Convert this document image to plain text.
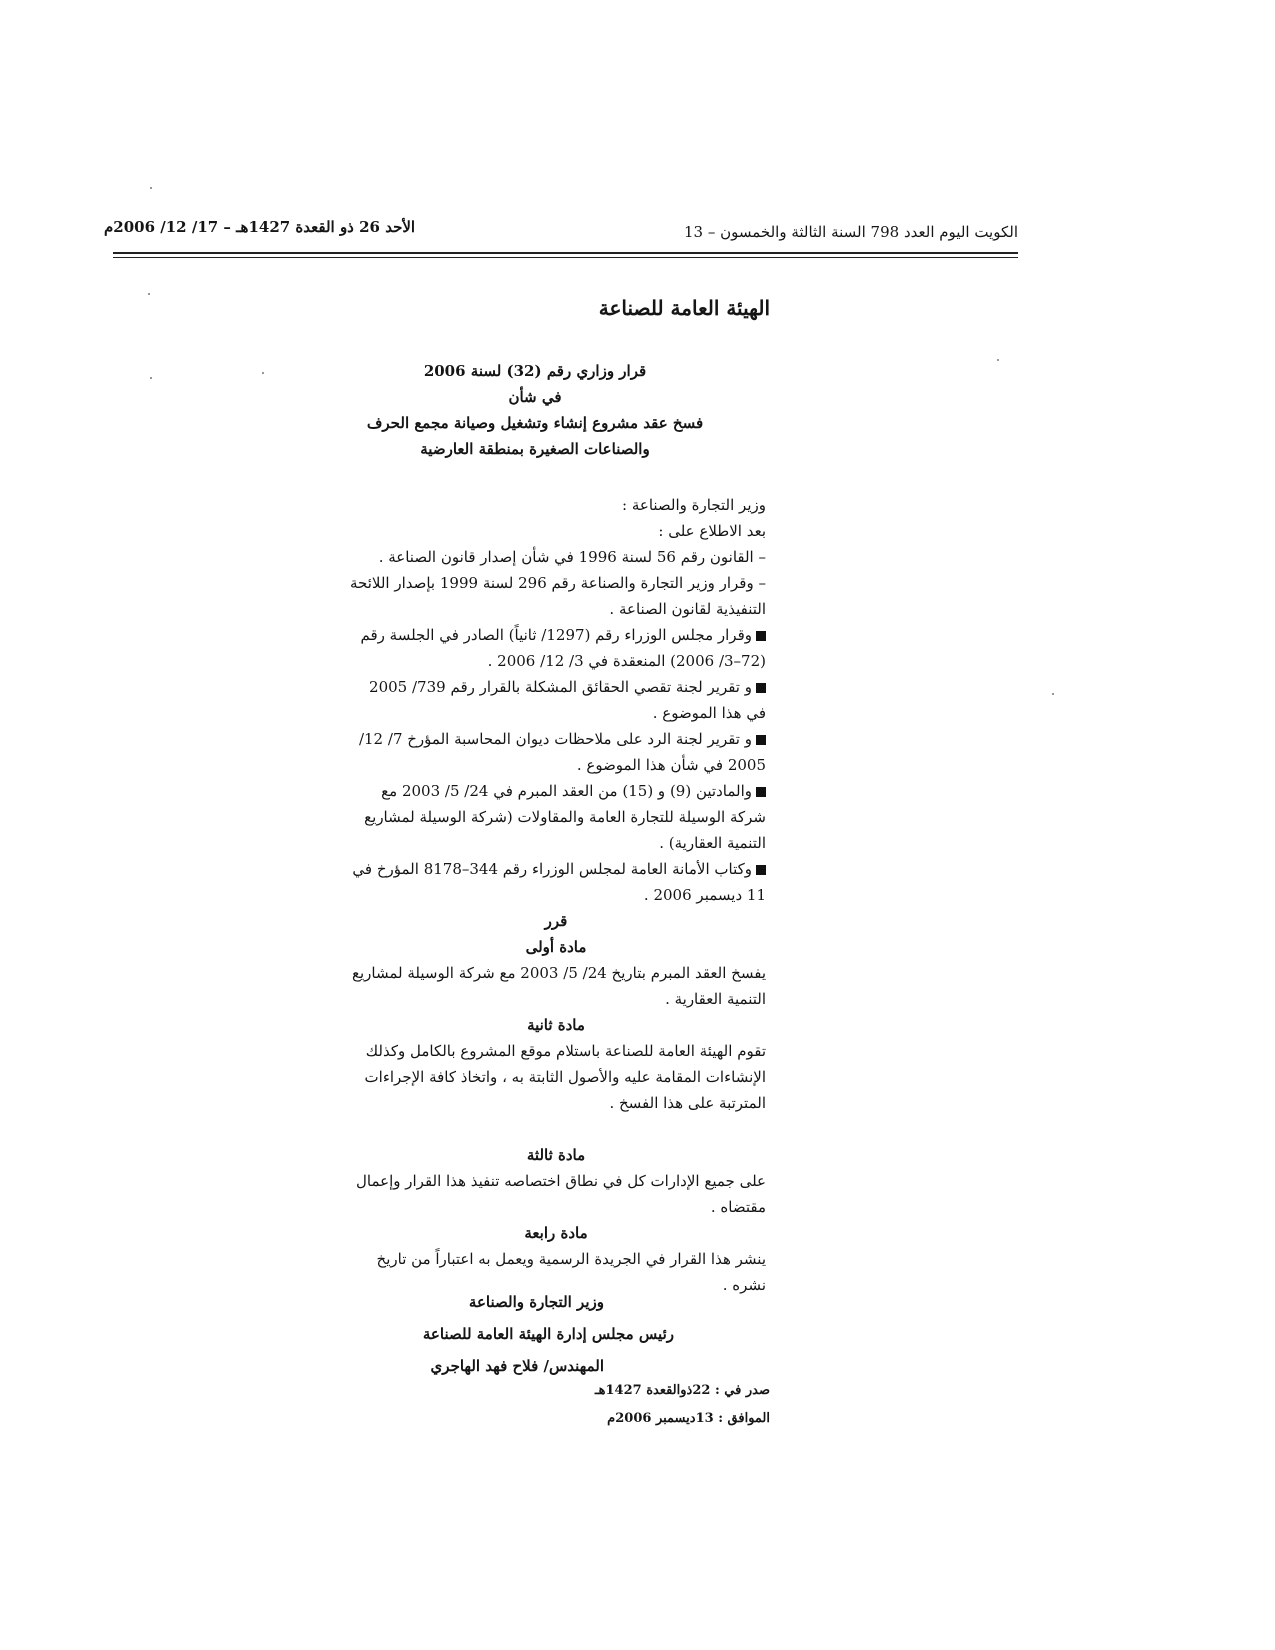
الكويت اليوم العدد 798 السنة الثالثة والخمسون – 13
الأحد 26 ذو القعدة 1427هـ – 17/ 12/ 2006م
الهيئة العامة للصناعة
قرار وزاري رقم (32) لسنة 2006
في شأن
فسخ عقد مشروع إنشاء وتشغيل وصيانة مجمع الحرف
والصناعات الصغيرة بمنطقة العارضية

وزير التجارة والصناعة :

بعد الاطلاع على :

– القانون رقم 56 لسنة 1996 في شأن إصدار قانون الصناعة .

– وقرار وزير التجارة والصناعة رقم 296 لسنة 1999 بإصدار اللائحة التنفيذية لقانون الصناعة .

وقرار مجلس الوزراء رقم (1297/ ثانياً) الصادر في الجلسة رقم (72–3/ 2006) المنعقدة في 3/ 12/ 2006 .

و تقرير لجنة تقصي الحقائق المشكلة بالقرار رقم 739/ 2005 في هذا الموضوع .

و تقرير لجنة الرد على ملاحظات ديوان المحاسبة المؤرخ 7/ 12/ 2005 في شأن هذا الموضوع .

والمادتين (9) و (15) من العقد المبرم في 24/ 5/ 2003 مع شركة الوسيلة للتجارة العامة والمقاولات (شركة الوسيلة لمشاريع التنمية العقارية) .

وكتاب الأمانة العامة لمجلس الوزراء رقم 344–8178 المؤرخ في 11 ديسمبر 2006 .

قرر

مادة أولى

يفسخ العقد المبرم بتاريخ 24/ 5/ 2003 مع شركة الوسيلة لمشاريع التنمية العقارية .

مادة ثانية

تقوم الهيئة العامة للصناعة باستلام موقع المشروع بالكامل وكذلك الإنشاءات المقامة عليه والأصول الثابتة به ، واتخاذ كافة الإجراءات المترتبة على هذا الفسخ .

مادة ثالثة

على جميع الإدارات كل في نطاق اختصاصه تنفيذ هذا القرار وإعمال مقتضاه .

مادة رابعة

ينشر هذا القرار في الجريدة الرسمية ويعمل به اعتباراً من تاريخ نشره .

وزير التجارة والصناعة
رئيس مجلس إدارة الهيئة العامة للصناعة
المهندس/ فلاح فهد الهاجري
صدر في : 22ذوالقعدة 1427هـ
الموافق : 13ديسمبر 2006م
